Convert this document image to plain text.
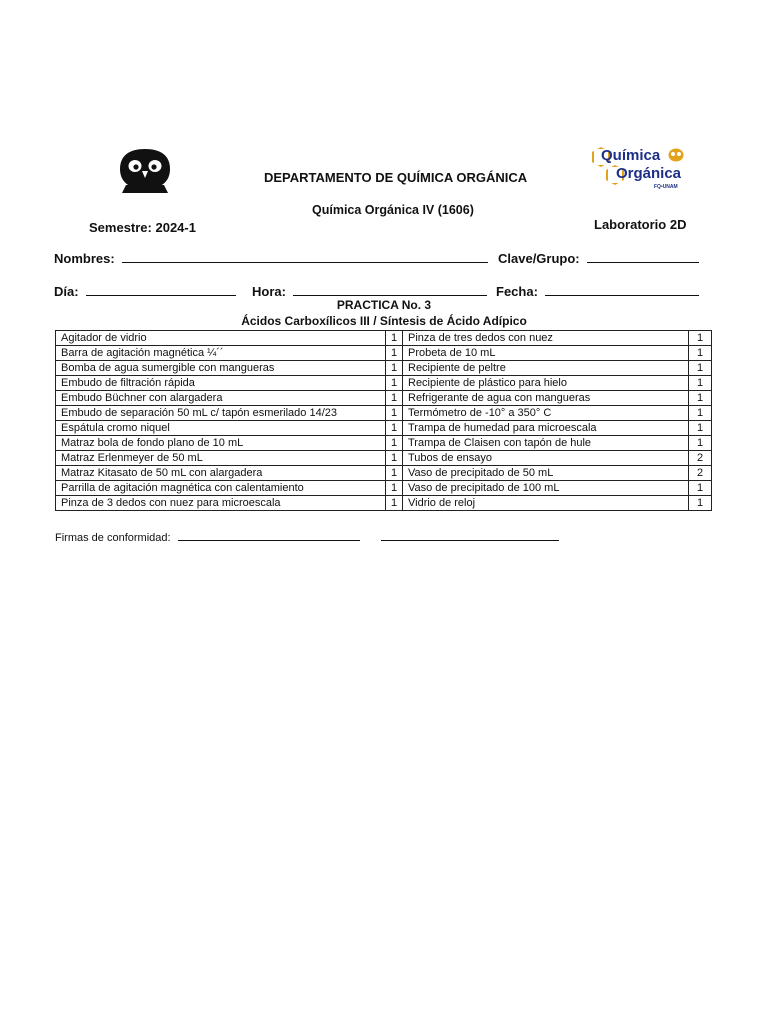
Química
Orgánica
FQ•UNAM
DEPARTAMENTO DE QUÍMICA ORGÁNICA
Química Orgánica IV (1606)
Semestre: 2024-1	Laboratorio 2D
Nombres:	Clave/Grupo:
Día:	Hora:	Fecha:
PRACTICA No. 3
Ácidos Carboxílicos III / Síntesis de Ácido Adípico
Agitador de vidrio	1	Pinza de tres dedos con nuez	1
Barra de agitación magnética ¼´´	1	Probeta de 10 mL	1
Bomba de agua sumergible con mangueras	1	Recipiente de peltre	1
Embudo de filtración rápida	1	Recipiente de plástico para hielo	1
Embudo Büchner con alargadera	1	Refrigerante de agua con mangueras	1
Embudo de separación 50 mL c/ tapón esmerilado 14/23	1	Termómetro de -10° a 350° C	1
Espátula cromo niquel	1	Trampa de humedad para microescala	1
Matraz bola de fondo plano de 10 mL	1	Trampa de Claisen con tapón de hule	1
Matraz Erlenmeyer de 50 mL	1	Tubos de ensayo	2
Matraz Kitasato de 50 mL con alargadera	1	Vaso de precipitado de 50 mL	2
Parrilla de agitación magnética con calentamiento	1	Vaso de precipitado de 100 mL	1
Pinza de 3 dedos con nuez para microescala	1	Vidrio de reloj	1
Firmas de conformidad:
